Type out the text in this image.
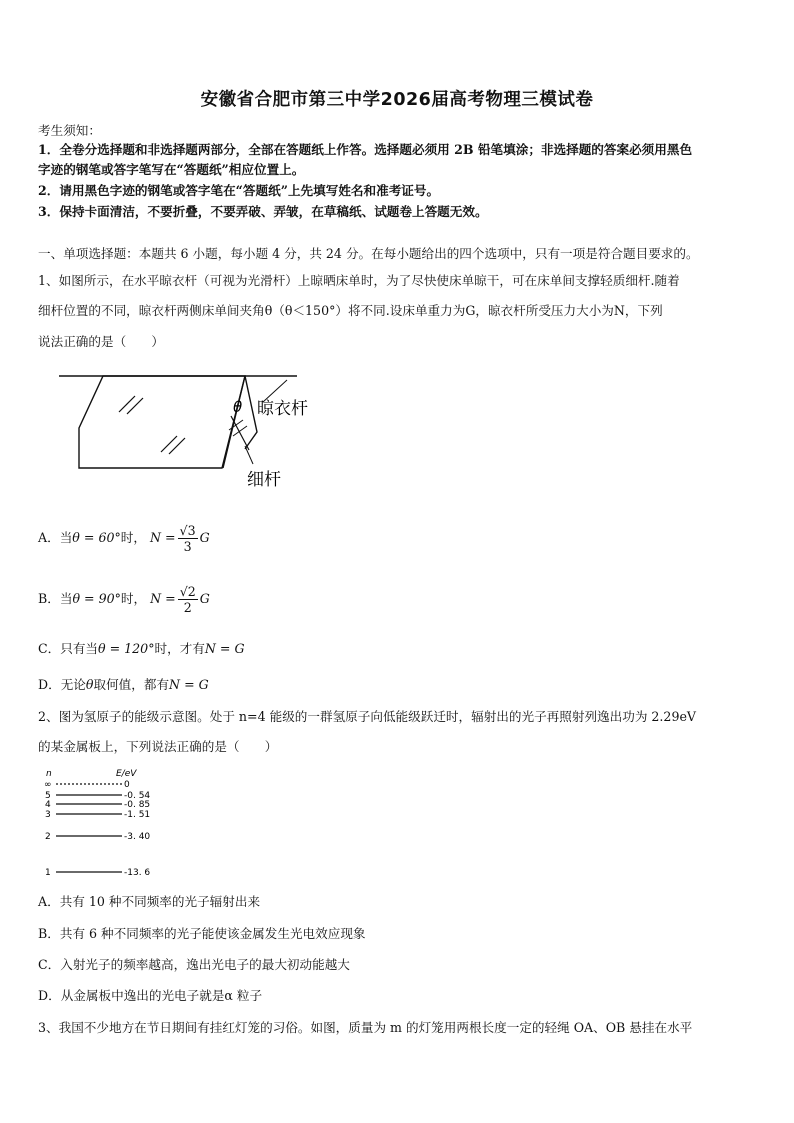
安徽省合肥市第三中学2026届高考物理三模试卷
考生须知：
1．全卷分选择题和非选择题两部分，全部在答题纸上作答。选择题必须用 2B 铅笔填涂；非选择题的答案必须用黑色
字迹的钢笔或答字笔写在“答题纸”相应位置上。
2．请用黑色字迹的钢笔或答字笔在“答题纸”上先填写姓名和准考证号。
3．保持卡面清洁，不要折叠，不要弄破、弄皱，在草稿纸、试题卷上答题无效。
一、单项选择题：本题共 6 小题，每小题 4 分，共 24 分。在每小题给出的四个选项中，只有一项是符合题目要求的。
1、如图所示，在水平晾衣杆（可视为光滑杆）上晾晒床单时，为了尽快使床单晾干，可在床单间支撑轻质细杆.随着
细杆位置的不同，晾衣杆两侧床单间夹角θ（θ＜150°）将不同.设床单重力为G，晾衣杆所受压力大小为N，下列
说法正确的是（　　）
θ 晾衣杆
细杆
A．当θ = 60°时， $N = \frac{√3}{3}$ G
B．当θ = 90°时， $N = \frac{√2}{2}$ G
C．只有当θ = 120°时，才有N = G
D．无论θ取何值，都有N = G
2、图为氢原子的能级示意图。处于 n=4 能级的一群氢原子向低能级跃迁时，辐射出的光子再照射列逸出功为 2.29eV
的某金属板上，下列说法正确的是（　　）
n	E/eV
∞	0
5	-0. 54
4	-0. 85
3	-1. 51
2	-3. 40
1	-13. 6
A．共有 10 种不同频率的光子辐射出来
B．共有 6 种不同频率的光子能使该金属发生光电效应现象
C．入射光子的频率越高，逸出光电子的最大初动能越大
D．从金属板中逸出的光电子就是α 粒子
3、我国不少地方在节日期间有挂红灯笼的习俗。如图，质量为 m 的灯笼用两根长度一定的轻绳 OA、OB 悬挂在水平
